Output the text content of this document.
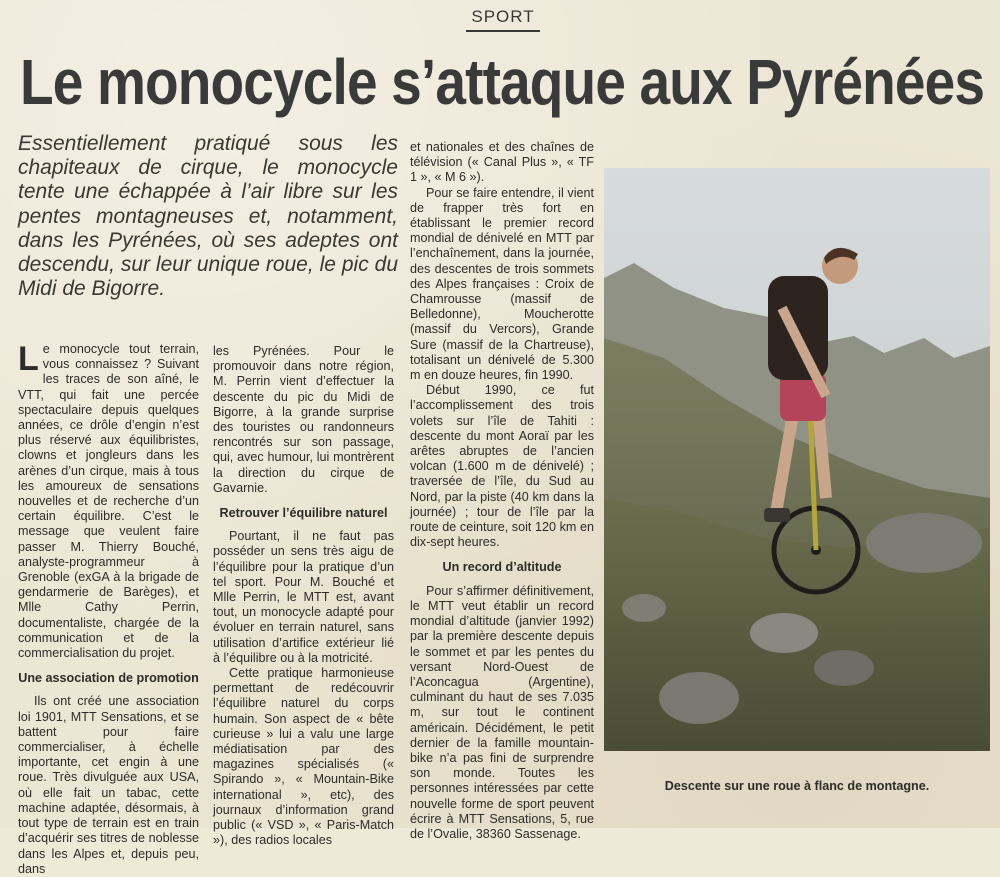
SPORT
Le monocycle s’attaque aux Pyrénées
Essentiellement pratiqué sous les chapiteaux de cirque, le monocycle tente une échappée à l’air libre sur les pentes montagneuses et, notamment, dans les Pyrénées, où ses adeptes ont descendu, sur leur unique roue, le pic du Midi de Bigorre.

Le monocycle tout terrain, vous connaissez ? Suivant les traces de son aîné, le VTT, qui fait une percée spectaculaire depuis quelques années, ce drôle d’engin n’est plus réservé aux équilibristes, clowns et jongleurs dans les arènes d’un cirque, mais à tous les amoureux de sensations nouvelles et de recherche d’un certain équilibre. C’est le message que veulent faire passer M. Thierry Bouché, analyste-programmeur à Grenoble (exGA à la brigade de gendarmerie de Barèges), et Mlle Cathy Perrin, documentaliste, chargée de la communication et de la commercialisation du projet.

Une association de promotion

Ils ont créé une association loi 1901, MTT Sensations, et se battent pour faire commercialiser, à échelle importante, cet engin à une roue. Très divulguée aux USA, où elle fait un tabac, cette machine adaptée, désormais, à tout type de terrain est en train d’acquérir ses titres de noblesse dans les Alpes et, depuis peu, dans

les Pyrénées. Pour le promouvoir dans notre région, M. Perrin vient d’effectuer la descente du pic du Midi de Bigorre, à la grande surprise des touristes ou randonneurs rencontrés sur son passage, qui, avec humour, lui montrèrent la direction du cirque de Gavarnie.

Retrouver l’équilibre naturel

Pourtant, il ne faut pas posséder un sens très aigu de l’équilibre pour la pratique d’un tel sport. Pour M. Bouché et Mlle Perrin, le MTT est, avant tout, un monocycle adapté pour évoluer en terrain naturel, sans utilisation d’artifice extérieur lié à l’équilibre ou à la motricité.

Cette pratique harmonieuse permettant de redécouvrir l’équilibre naturel du corps humain. Son aspect de « bête curieuse » lui a valu une large médiatisation par des magazines spécialisés (« Spirando », « Mountain-Bike international », etc), des journaux d’information grand public (« VSD », « Paris-Match »), des radios locales

et nationales et des chaînes de télévision (« Canal Plus », « TF 1 », « M 6 »).

Pour se faire entendre, il vient de frapper très fort en établissant le premier record mondial de dénivelé en MTT par l’enchaînement, dans la journée, des descentes de trois sommets des Alpes françaises : Croix de Chamrousse (massif de Belledonne), Moucherotte (massif du Vercors), Grande Sure (massif de la Chartreuse), totalisant un dénivelé de 5.300 m en douze heures, fin 1990.

Début 1990, ce fut l’accomplissement des trois volets sur l’île de Tahiti : descente du mont Aoraï par les arêtes abruptes de l’ancien volcan (1.600 m de dénivelé) ; traversée de l’île, du Sud au Nord, par la piste (40 km dans la journée) ; tour de l’île par la route de ceinture, soit 120 km en dix-sept heures.

Un record d’altitude

Pour s’affirmer définitivement, le MTT veut établir un record mondial d’altitude (janvier 1992) par la première descente depuis le sommet et par les pentes du versant Nord-Ouest de l’Aconcagua (Argentine), culminant du haut de ses 7.035 m, sur tout le continent américain. Décidément, le petit dernier de la famille mountain-bike n’a pas fini de surprendre son monde. Toutes les personnes intéressées par cette nouvelle forme de sport peuvent écrire à MTT Sensations, 5, rue de l’Ovalie, 38360 Sassenage.

Descente sur une roue à flanc de montagne.
